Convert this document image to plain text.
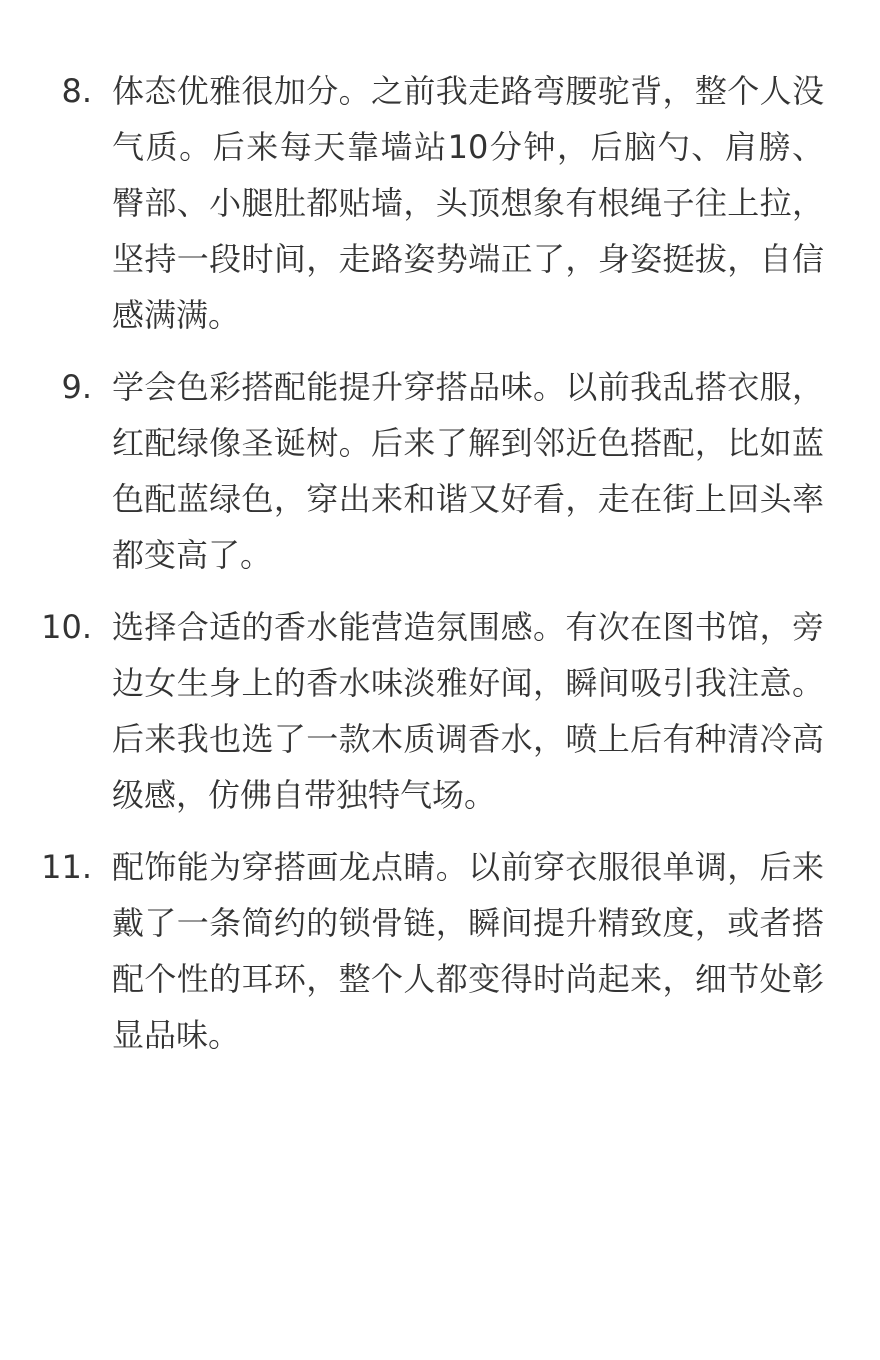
8. 体态优雅很加分。之前我走路弯腰驼背，整个人没气质。后来每天靠墙站10分钟，后脑勺、肩膀、臀部、小腿肚都贴墙，头顶想象有根绳子往上拉，坚持一段时间，走路姿势端正了，身姿挺拔，自信感满满。
9. 学会色彩搭配能提升穿搭品味。以前我乱搭衣服，红配绿像圣诞树。后来了解到邻近色搭配，比如蓝色配蓝绿色，穿出来和谐又好看，走在街上回头率都变高了。
10. 选择合适的香水能营造氛围感。有次在图书馆，旁边女生身上的香水味淡雅好闻，瞬间吸引我注意。后来我也选了一款木质调香水，喷上后有种清冷高级感，仿佛自带独特气场。
11. 配饰能为穿搭画龙点睛。以前穿衣服很单调，后来戴了一条简约的锁骨链，瞬间提升精致度，或者搭配个性的耳环，整个人都变得时尚起来，细节处彰显品味。
